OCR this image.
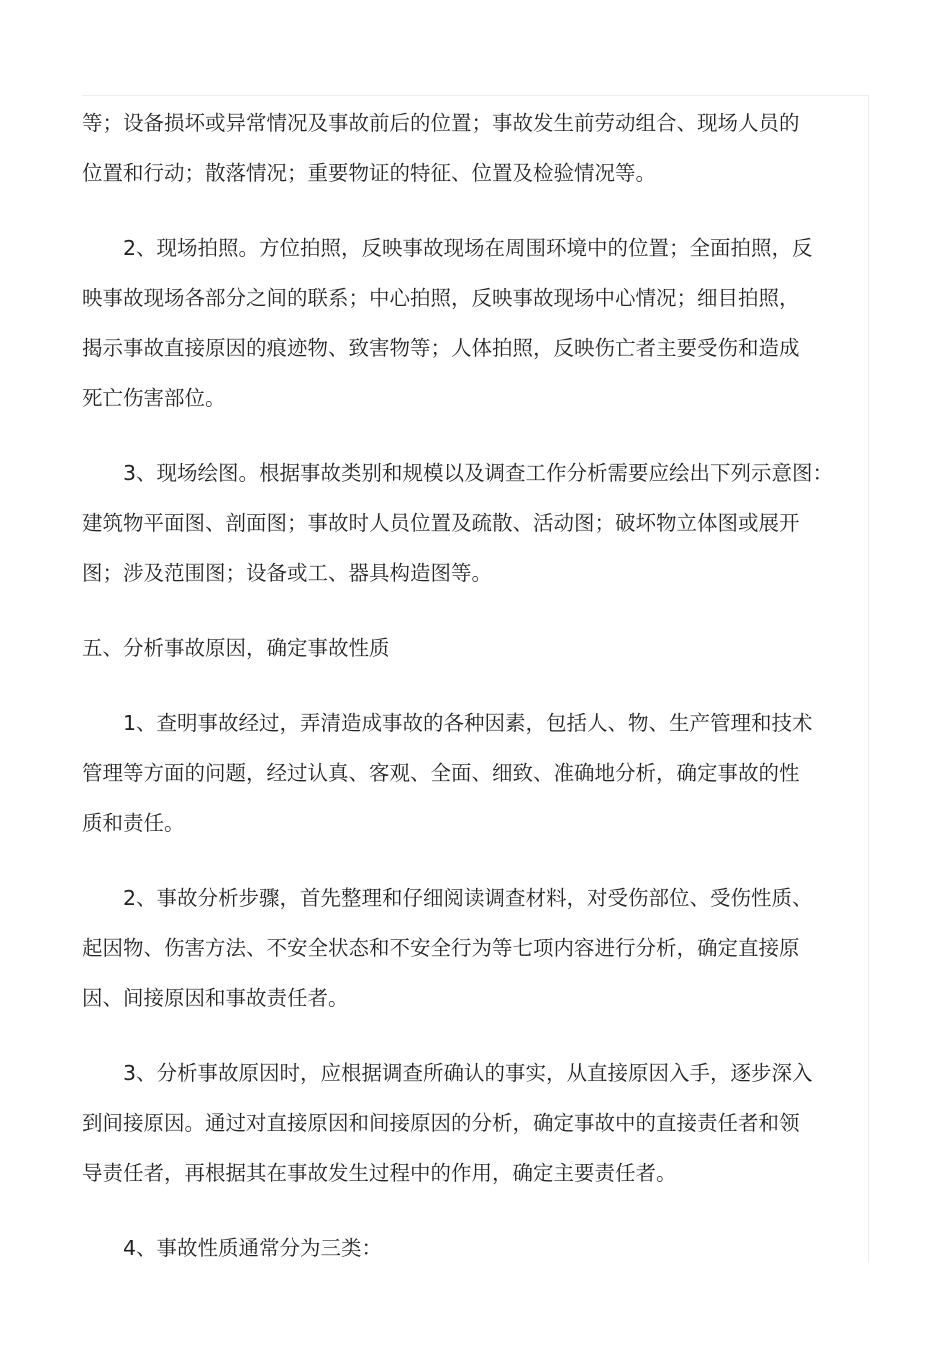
等；设备损坏或异常情况及事故前后的位置；事故发生前劳动组合、现场人员的
位置和行动；散落情况；重要物证的特征、位置及检验情况等。

2、现场拍照。方位拍照，反映事故现场在周围环境中的位置；全面拍照，反
映事故现场各部分之间的联系；中心拍照，反映事故现场中心情况；细目拍照，
揭示事故直接原因的痕迹物、致害物等；人体拍照，反映伤亡者主要受伤和造成
死亡伤害部位。

3、现场绘图。根据事故类别和规模以及调查工作分析需要应绘出下列示意图：
建筑物平面图、剖面图；事故时人员位置及疏散、活动图；破坏物立体图或展开
图；涉及范围图；设备或工、器具构造图等。

五、分析事故原因，确定事故性质

1、查明事故经过，弄清造成事故的各种因素，包括人、物、生产管理和技术
管理等方面的问题，经过认真、客观、全面、细致、准确地分析，确定事故的性
质和责任。

2、事故分析步骤，首先整理和仔细阅读调查材料，对受伤部位、受伤性质、
起因物、伤害方法、不安全状态和不安全行为等七项内容进行分析，确定直接原
因、间接原因和事故责任者。

3、分析事故原因时，应根据调查所确认的事实，从直接原因入手，逐步深入
到间接原因。通过对直接原因和间接原因的分析，确定事故中的直接责任者和领
导责任者，再根据其在事故发生过程中的作用，确定主要责任者。

4、事故性质通常分为三类：
